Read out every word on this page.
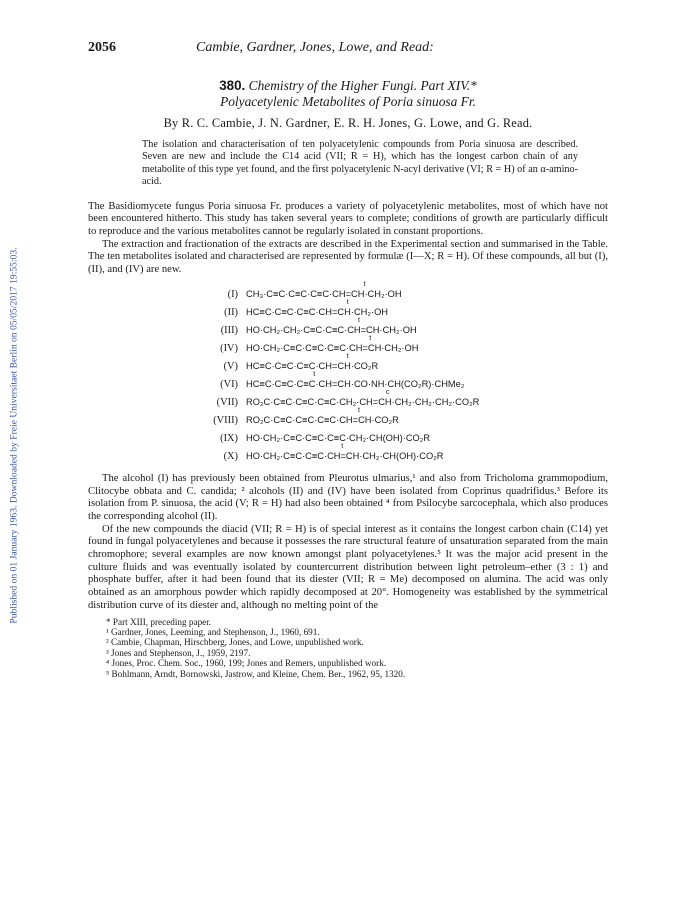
Published on 01 January 1963. Downloaded by Freie Universitaet Berlin on 05/05/2017 19:55:03.
2056	Cambie, Gardner, Jones, Lowe, and Read:
380. Chemistry of the Higher Fungi. Part XIV.*
Polyacetylenic Metabolites of Poria sinuosa Fr.
By R. C. Cambie, J. N. Gardner, E. R. H. Jones, G. Lowe, and G. Read.
The isolation and characterisation of ten polyacetylenic compounds from Poria sinuosa are described. Seven are new and include the C14 acid (VII; R = H), which has the longest carbon chain of any metabolite of this type yet found, and the first polyacetylenic N-acyl derivative (VI; R = H) of an α-amino-acid.

The Basidiomycete fungus Poria sinuosa Fr. produces a variety of polyacetylenic metabolites, most of which have not been encountered hitherto. This study has taken several years to complete; conditions of growth are particularly difficult to reproduce and the various metabolites cannot be regularly isolated in constant proportions.

The extraction and fractionation of the extracts are described in the Experimental section and summarised in the Table. The ten metabolites isolated and characterised are represented by formulæ (I—X; R = H). Of these compounds, all but (I), (II), and (IV) are new.

(I) CH₃·C≡C·C≡C·C≡C·CH=CH·CH₂·OH
t
(II) HC≡C·C≡C·C≡C·CH=CH·CH₂·OH
t
(III) HO·CH₂·CH₂·C≡C·C≡C·CH=CH·CH₂·OH
t
(IV) HO·CH₂·C≡C·C≡C·C≡C·CH=CH·CH₂·OH
t
(V) HC≡C·C≡C·C≡C·CH=CH·CO₂R
t
(VI) HC≡C·C≡C·C≡C·CH=CH·CO·NH·CH(CO₂R)·CHMe₂
t
(VII) RO₂C·C≡C·C≡C·C≡C·CH₂·CH=CH·CH₂·CH₂·CH₂·CO₂R
c
(VIII) RO₂C·C≡C·C≡C·C≡C·CH=CH·CO₂R
t
(IX) HO·CH₂·C≡C·C≡C·C≡C·CH₂·CH(OH)·CO₂R
(X) HO·CH₂·C≡C·C≡C·CH=CH·CH₂·CH(OH)·CO₂R
t

The alcohol (I) has previously been obtained from Pleurotus ulmarius,¹ and also from Tricholoma grammopodium, Clitocybe obbata and C. candida; ² alcohols (II) and (IV) have been isolated from Coprinus quadrifidus.³ Before its isolation from P. sinuosa, the acid (V; R = H) had also been obtained ⁴ from Psilocybe sarcocephala, which also produces the corresponding alcohol (II).

Of the new compounds the diacid (VII; R = H) is of special interest as it contains the longest carbon chain (C14) yet found in fungal polyacetylenes and because it possesses the rare structural feature of unsaturation separated from the main chromophore; several examples are now known amongst plant polyacetylenes.⁵ It was the major acid present in the culture fluids and was eventually isolated by countercurrent distribution between light petroleum–ether (3 : 1) and phosphate buffer, after it had been found that its diester (VII; R = Me) decomposed on alumina. The acid was only obtained as an amorphous powder which rapidly decomposed at 20°. Homogeneity was established by the symmetrical distribution curve of its diester and, although no melting point of the

* Part XIII, preceding paper.
¹ Gardner, Jones, Leeming, and Stephenson, J., 1960, 691.
² Cambie, Chapman, Hirschberg, Jones, and Lowe, unpublished work.
³ Jones and Stephenson, J., 1959, 2197.
⁴ Jones, Proc. Chem. Soc., 1960, 199; Jones and Remers, unpublished work.
⁵ Bohlmann, Arndt, Bornowski, Jastrow, and Kleine, Chem. Ber., 1962, 95, 1320.
